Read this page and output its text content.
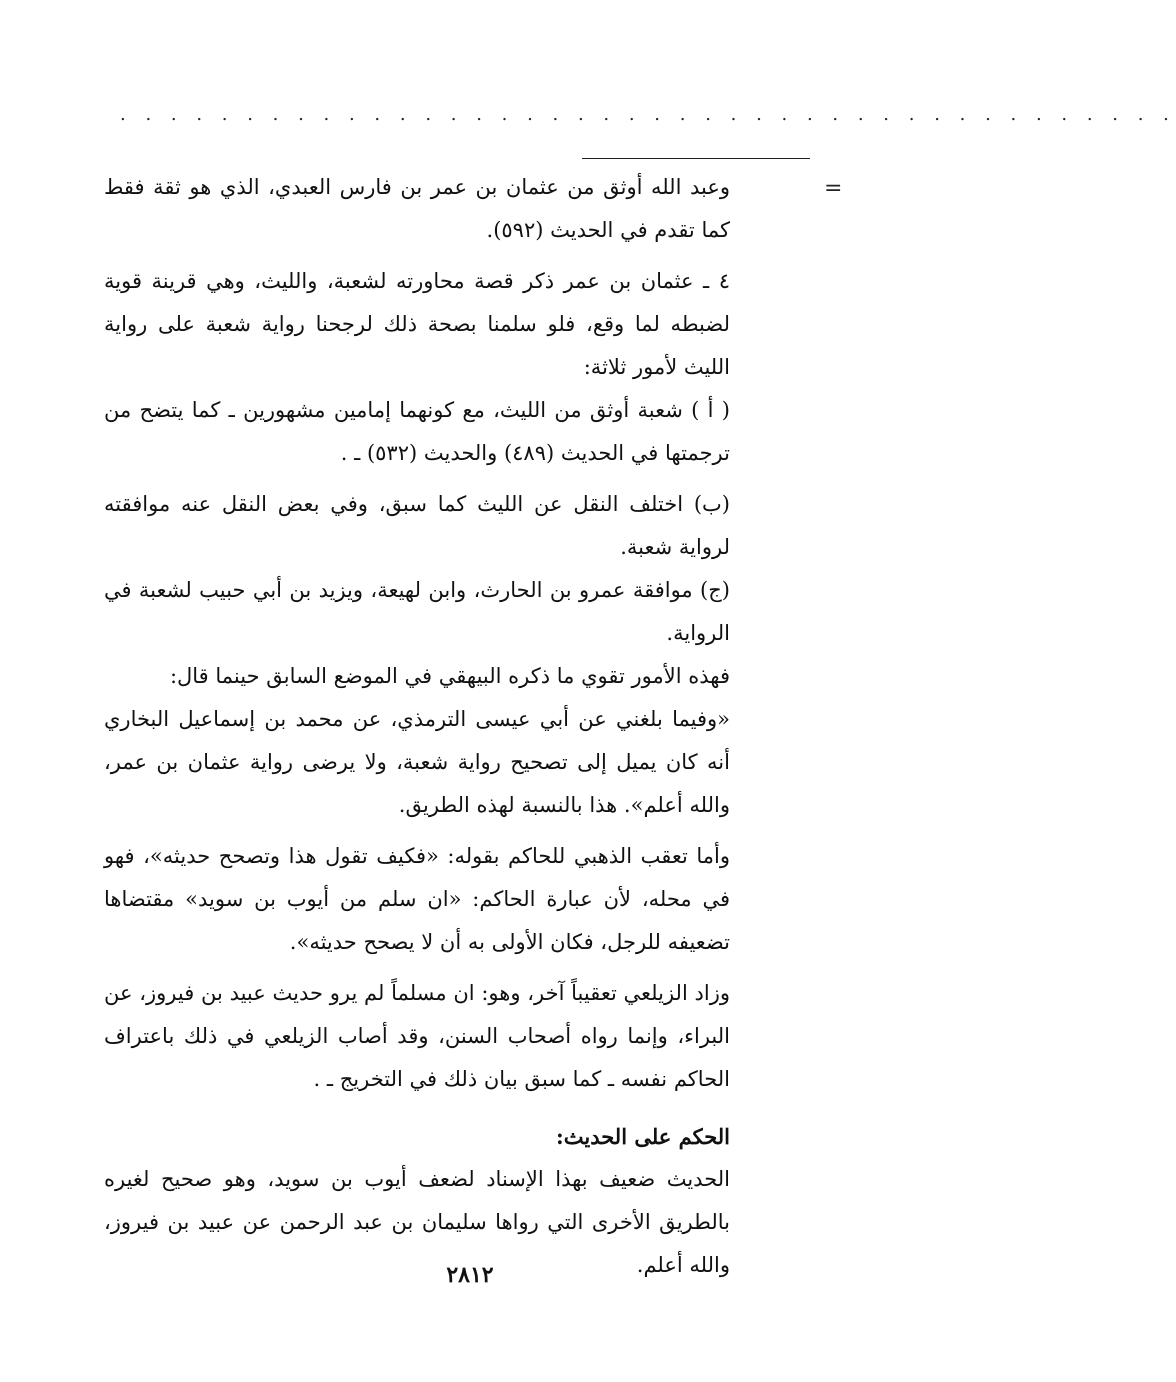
. . . . . . . . . . . . . . . . . . . . . . . . . . . . . . . . . . . . . . . . . .
=

وعبد الله أوثق من عثمان بن عمر بن فارس العبدي، الذي هو ثقة فقط كما تقدم في الحديث (٥٩٢).

٤ ـ عثمان بن عمر ذكر قصة محاورته لشعبة، والليث، وهي قرينة قوية لضبطه لما وقع، فلو سلمنا بصحة ذلك لرجحنا رواية شعبة على رواية الليث لأمور ثلاثة:

( أ ) شعبة أوثق من الليث، مع كونهما إمامين مشهورين ـ كما يتضح من ترجمتها في الحديث (٤٨٩) والحديث (٥٣٢) ـ .

(ب) اختلف النقل عن الليث كما سبق، وفي بعض النقل عنه موافقته لرواية شعبة.

(ج) موافقة عمرو بن الحارث، وابن لهيعة، ويزيد بن أبي حبيب لشعبة في الرواية.

فهذه الأمور تقوي ما ذكره البيهقي في الموضع السابق حينما قال:

«وفيما بلغني عن أبي عيسى الترمذي، عن محمد بن إسماعيل البخاري أنه كان يميل إلى تصحيح رواية شعبة، ولا يرضى رواية عثمان بن عمر، والله أعلم». هذا بالنسبة لهذه الطريق.

وأما تعقب الذهبي للحاكم بقوله: «فكيف تقول هذا وتصحح حديثه»، فهو في محله، لأن عبارة الحاكم: «ان سلم من أيوب بن سويد» مقتضاها تضعيفه للرجل، فكان الأولى به أن لا يصحح حديثه».

وزاد الزيلعي تعقيباً آخر، وهو: ان مسلماً لم يرو حديث عبيد بن فيروز، عن البراء، وإنما رواه أصحاب السنن، وقد أصاب الزيلعي في ذلك باعتراف الحاكم نفسه ـ كما سبق بيان ذلك في التخريج ـ .

الحكم على الحديث:

الحديث ضعيف بهذا الإسناد لضعف أيوب بن سويد، وهو صحيح لغيره بالطريق الأخرى التي رواها سليمان بن عبد الرحمن عن عبيد بن فيروز، والله أعلم.

٢٨١٢
